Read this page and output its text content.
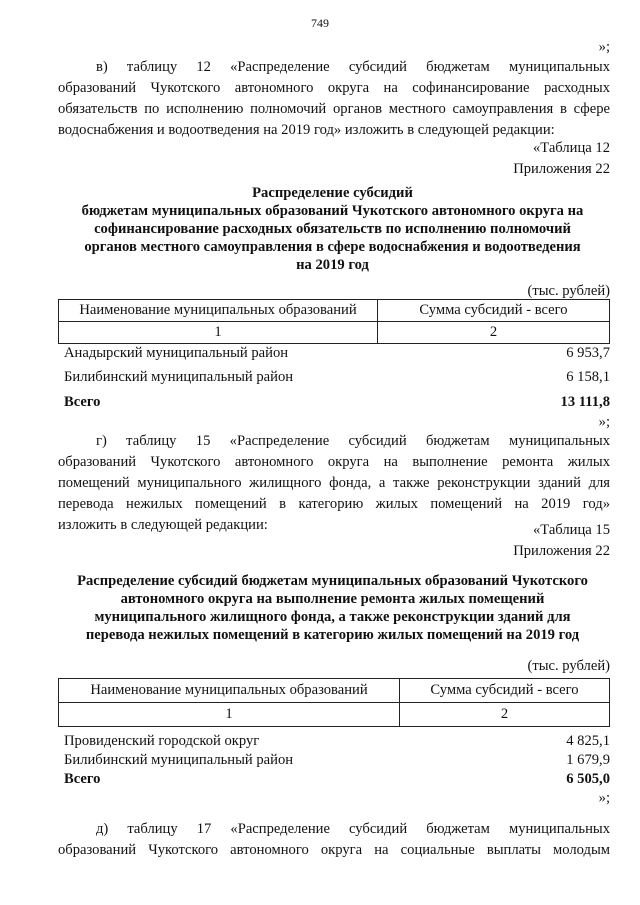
749
»;
в) таблицу 12 «Распределение субсидий бюджетам муниципальных
образований Чукотского автономного округа на софинансирование расходных
обязательств по исполнению полномочий органов местного самоуправления в сфере
водоснабжения и водоотведения на 2019 год» изложить в следующей редакции:
«Таблица 12
Приложения 22
Распределение субсидий
бюджетам муниципальных образований Чукотского автономного округа на
софинансирование расходных обязательств по исполнению полномочий
органов местного самоуправления в сфере водоснабжения и водоотведения
на 2019 год
(тыс. рублей)
Наименование муниципальных образований	Сумма субсидий - всего
1	2
Анадырский муниципальный район	6 953,7
Билибинский муниципальный район	6 158,1
Всего	13 111,8
»;
г) таблицу 15 «Распределение субсидий бюджетам муниципальных
образований Чукотского автономного округа на выполнение ремонта жилых
помещений муниципального жилищного фонда, а также реконструкции зданий для
перевода нежилых помещений в категорию жилых помещений на 2019 год»
изложить в следующей редакции:	«Таблица 15
Приложения 22
Распределение субсидий бюджетам муниципальных образований Чукотского
автономного округа на выполнение ремонта жилых помещений
муниципального жилищного фонда, а также реконструкции зданий для
перевода нежилых помещений в категорию жилых помещений на 2019 год
(тыс. рублей)
Наименование муниципальных образований	Сумма субсидий - всего
1	2
Провиденский городской округ	4 825,1
Билибинский муниципальный район	1 679,9
Всего	6 505,0
»;
д) таблицу 17 «Распределение субсидий бюджетам муниципальных
образований Чукотского автономного округа на социальные выплаты молодым
